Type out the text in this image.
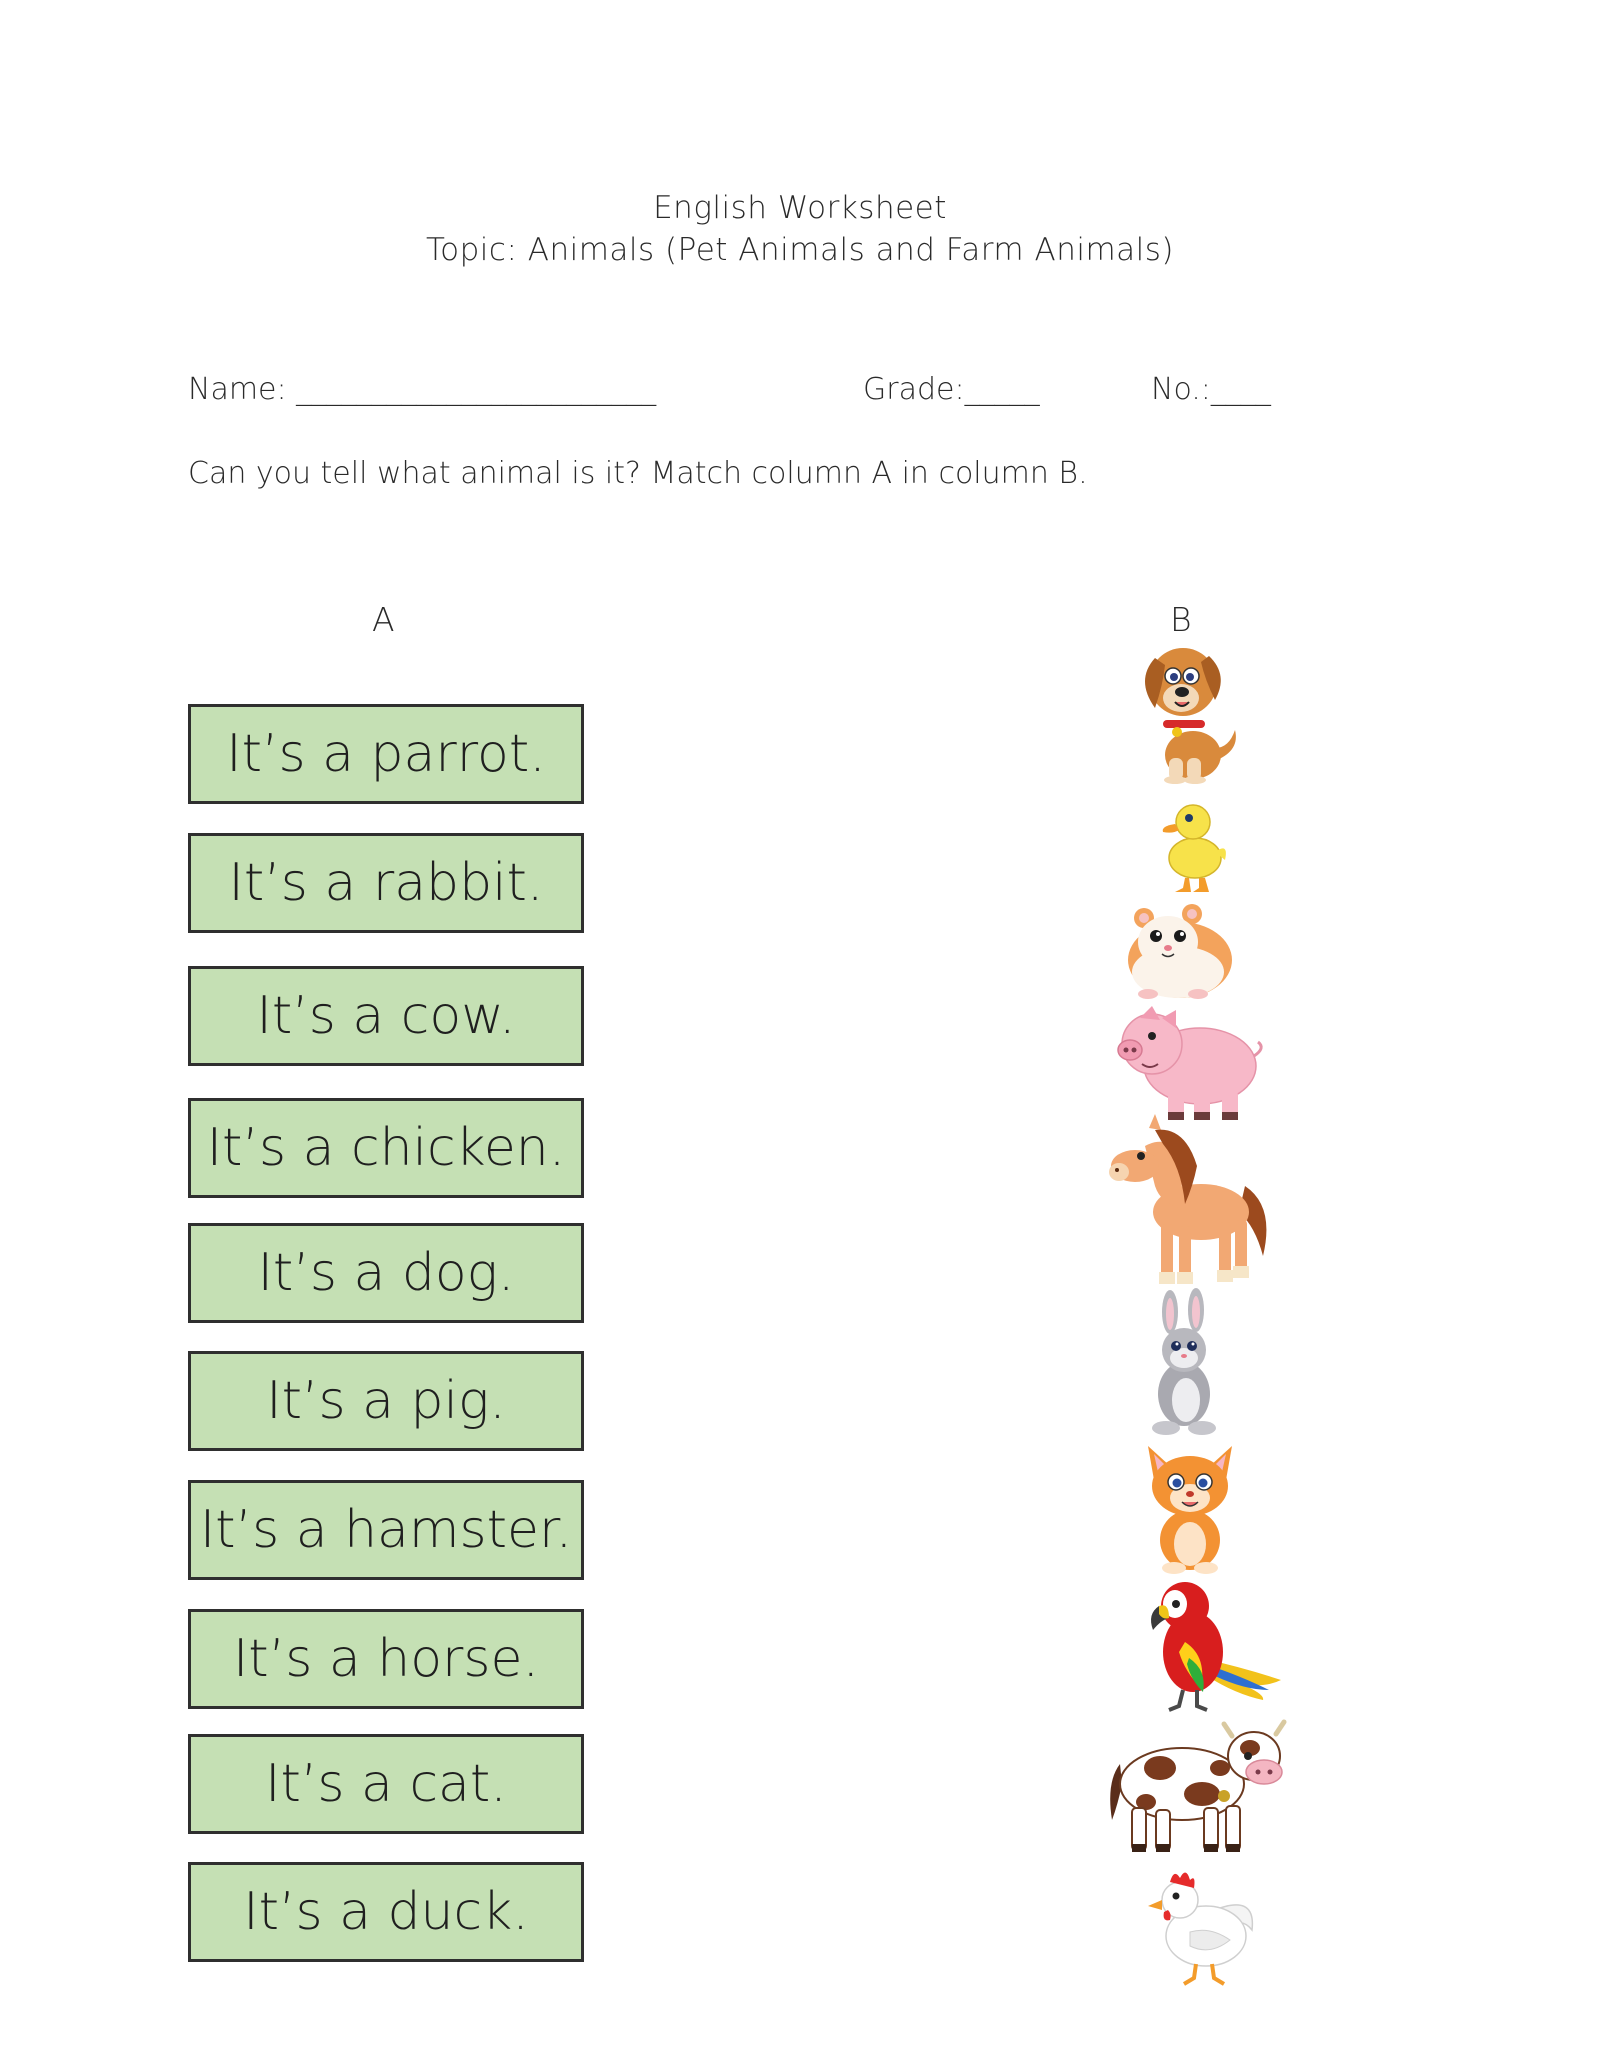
English Worksheet
Topic: Animals (Pet Animals and Farm Animals)
Name: ________________________	Grade:_____	No.:____
Can you tell what animal is it? Match column A in column B.
A	B
It’s a parrot.
It’s a rabbit.
It’s a cow.
It’s a chicken.
It’s a dog.
It’s a pig.
It’s a hamster.
It’s a horse.
It’s a cat.
It’s a duck.
